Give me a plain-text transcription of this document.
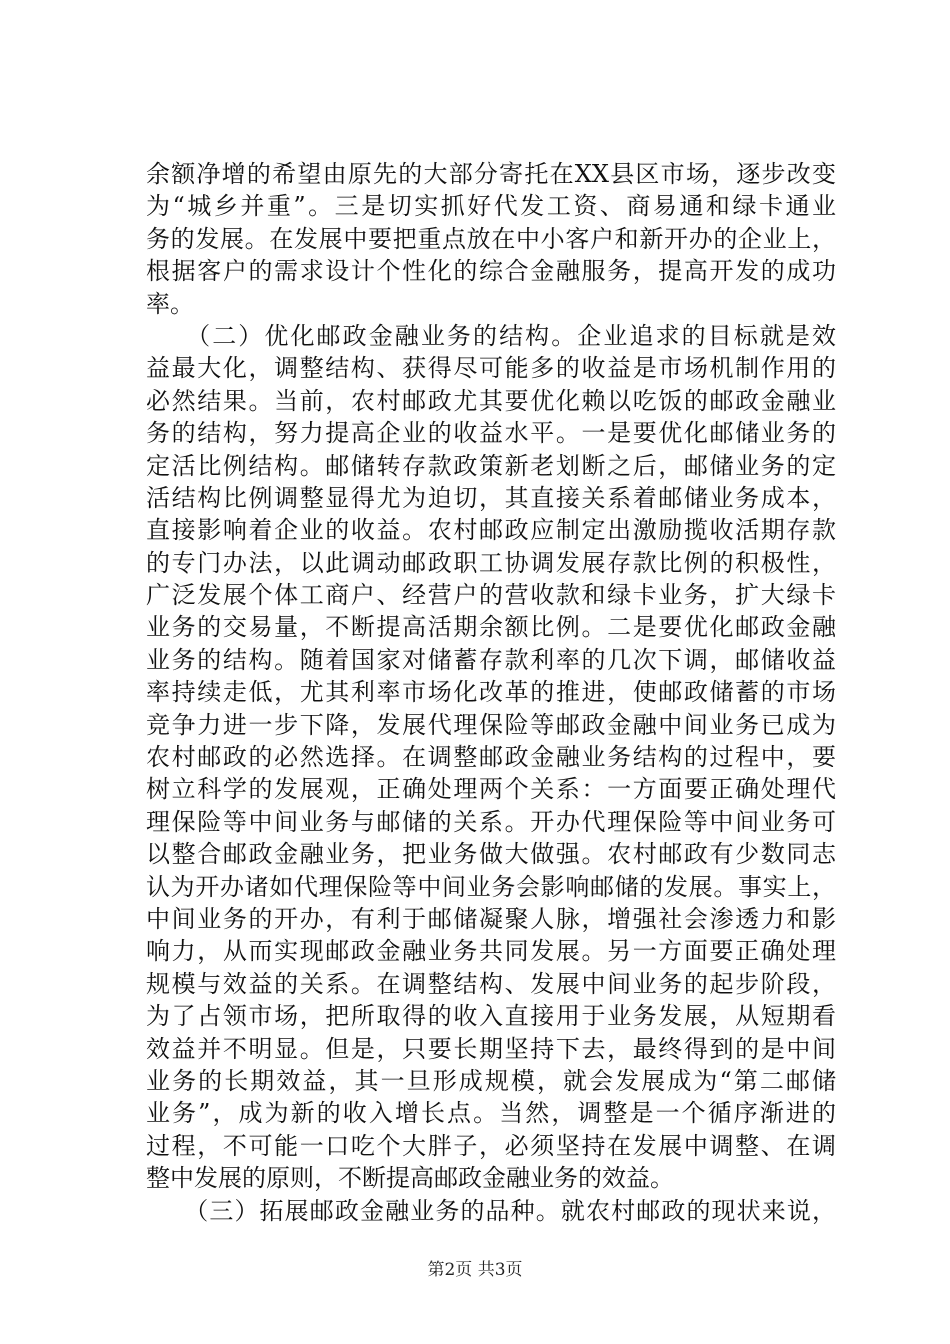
余额净增的希望由原先的大部分寄托在XX县区市场，逐步改变
为“城乡并重”。三是切实抓好代发工资、商易通和绿卡通业
务的发展。在发展中要把重点放在中小客户和新开办的企业上，
根据客户的需求设计个性化的综合金融服务，提高开发的成功
率。
　　（二）优化邮政金融业务的结构。企业追求的目标就是效
益最大化，调整结构、获得尽可能多的收益是市场机制作用的
必然结果。当前，农村邮政尤其要优化赖以吃饭的邮政金融业
务的结构，努力提高企业的收益水平。一是要优化邮储业务的
定活比例结构。邮储转存款政策新老划断之后，邮储业务的定
活结构比例调整显得尤为迫切，其直接关系着邮储业务成本，
直接影响着企业的收益。农村邮政应制定出激励揽收活期存款
的专门办法，以此调动邮政职工协调发展存款比例的积极性，
广泛发展个体工商户、经营户的营收款和绿卡业务，扩大绿卡
业务的交易量，不断提高活期余额比例。二是要优化邮政金融
业务的结构。随着国家对储蓄存款利率的几次下调，邮储收益
率持续走低，尤其利率市场化改革的推进，使邮政储蓄的市场
竞争力进一步下降，发展代理保险等邮政金融中间业务已成为
农村邮政的必然选择。在调整邮政金融业务结构的过程中，要
树立科学的发展观，正确处理两个关系：一方面要正确处理代
理保险等中间业务与邮储的关系。开办代理保险等中间业务可
以整合邮政金融业务，把业务做大做强。农村邮政有少数同志
认为开办诸如代理保险等中间业务会影响邮储的发展。事实上，
中间业务的开办，有利于邮储凝聚人脉，增强社会渗透力和影
响力，从而实现邮政金融业务共同发展。另一方面要正确处理
规模与效益的关系。在调整结构、发展中间业务的起步阶段，
为了占领市场，把所取得的收入直接用于业务发展，从短期看
效益并不明显。但是，只要长期坚持下去，最终得到的是中间
业务的长期效益，其一旦形成规模，就会发展成为“第二邮储
业务”，成为新的收入增长点。当然，调整是一个循序渐进的
过程，不可能一口吃个大胖子，必须坚持在发展中调整、在调
整中发展的原则，不断提高邮政金融业务的效益。
　　（三）拓展邮政金融业务的品种。就农村邮政的现状来说，
第2页 共3页
